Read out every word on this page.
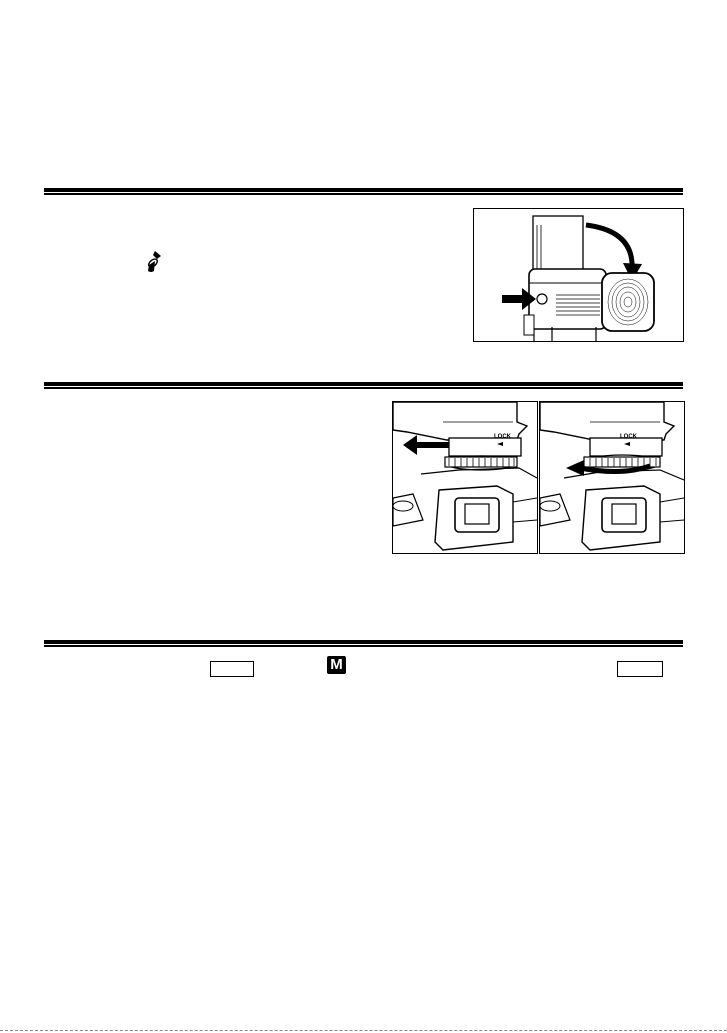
LOCK	LOCK
M
